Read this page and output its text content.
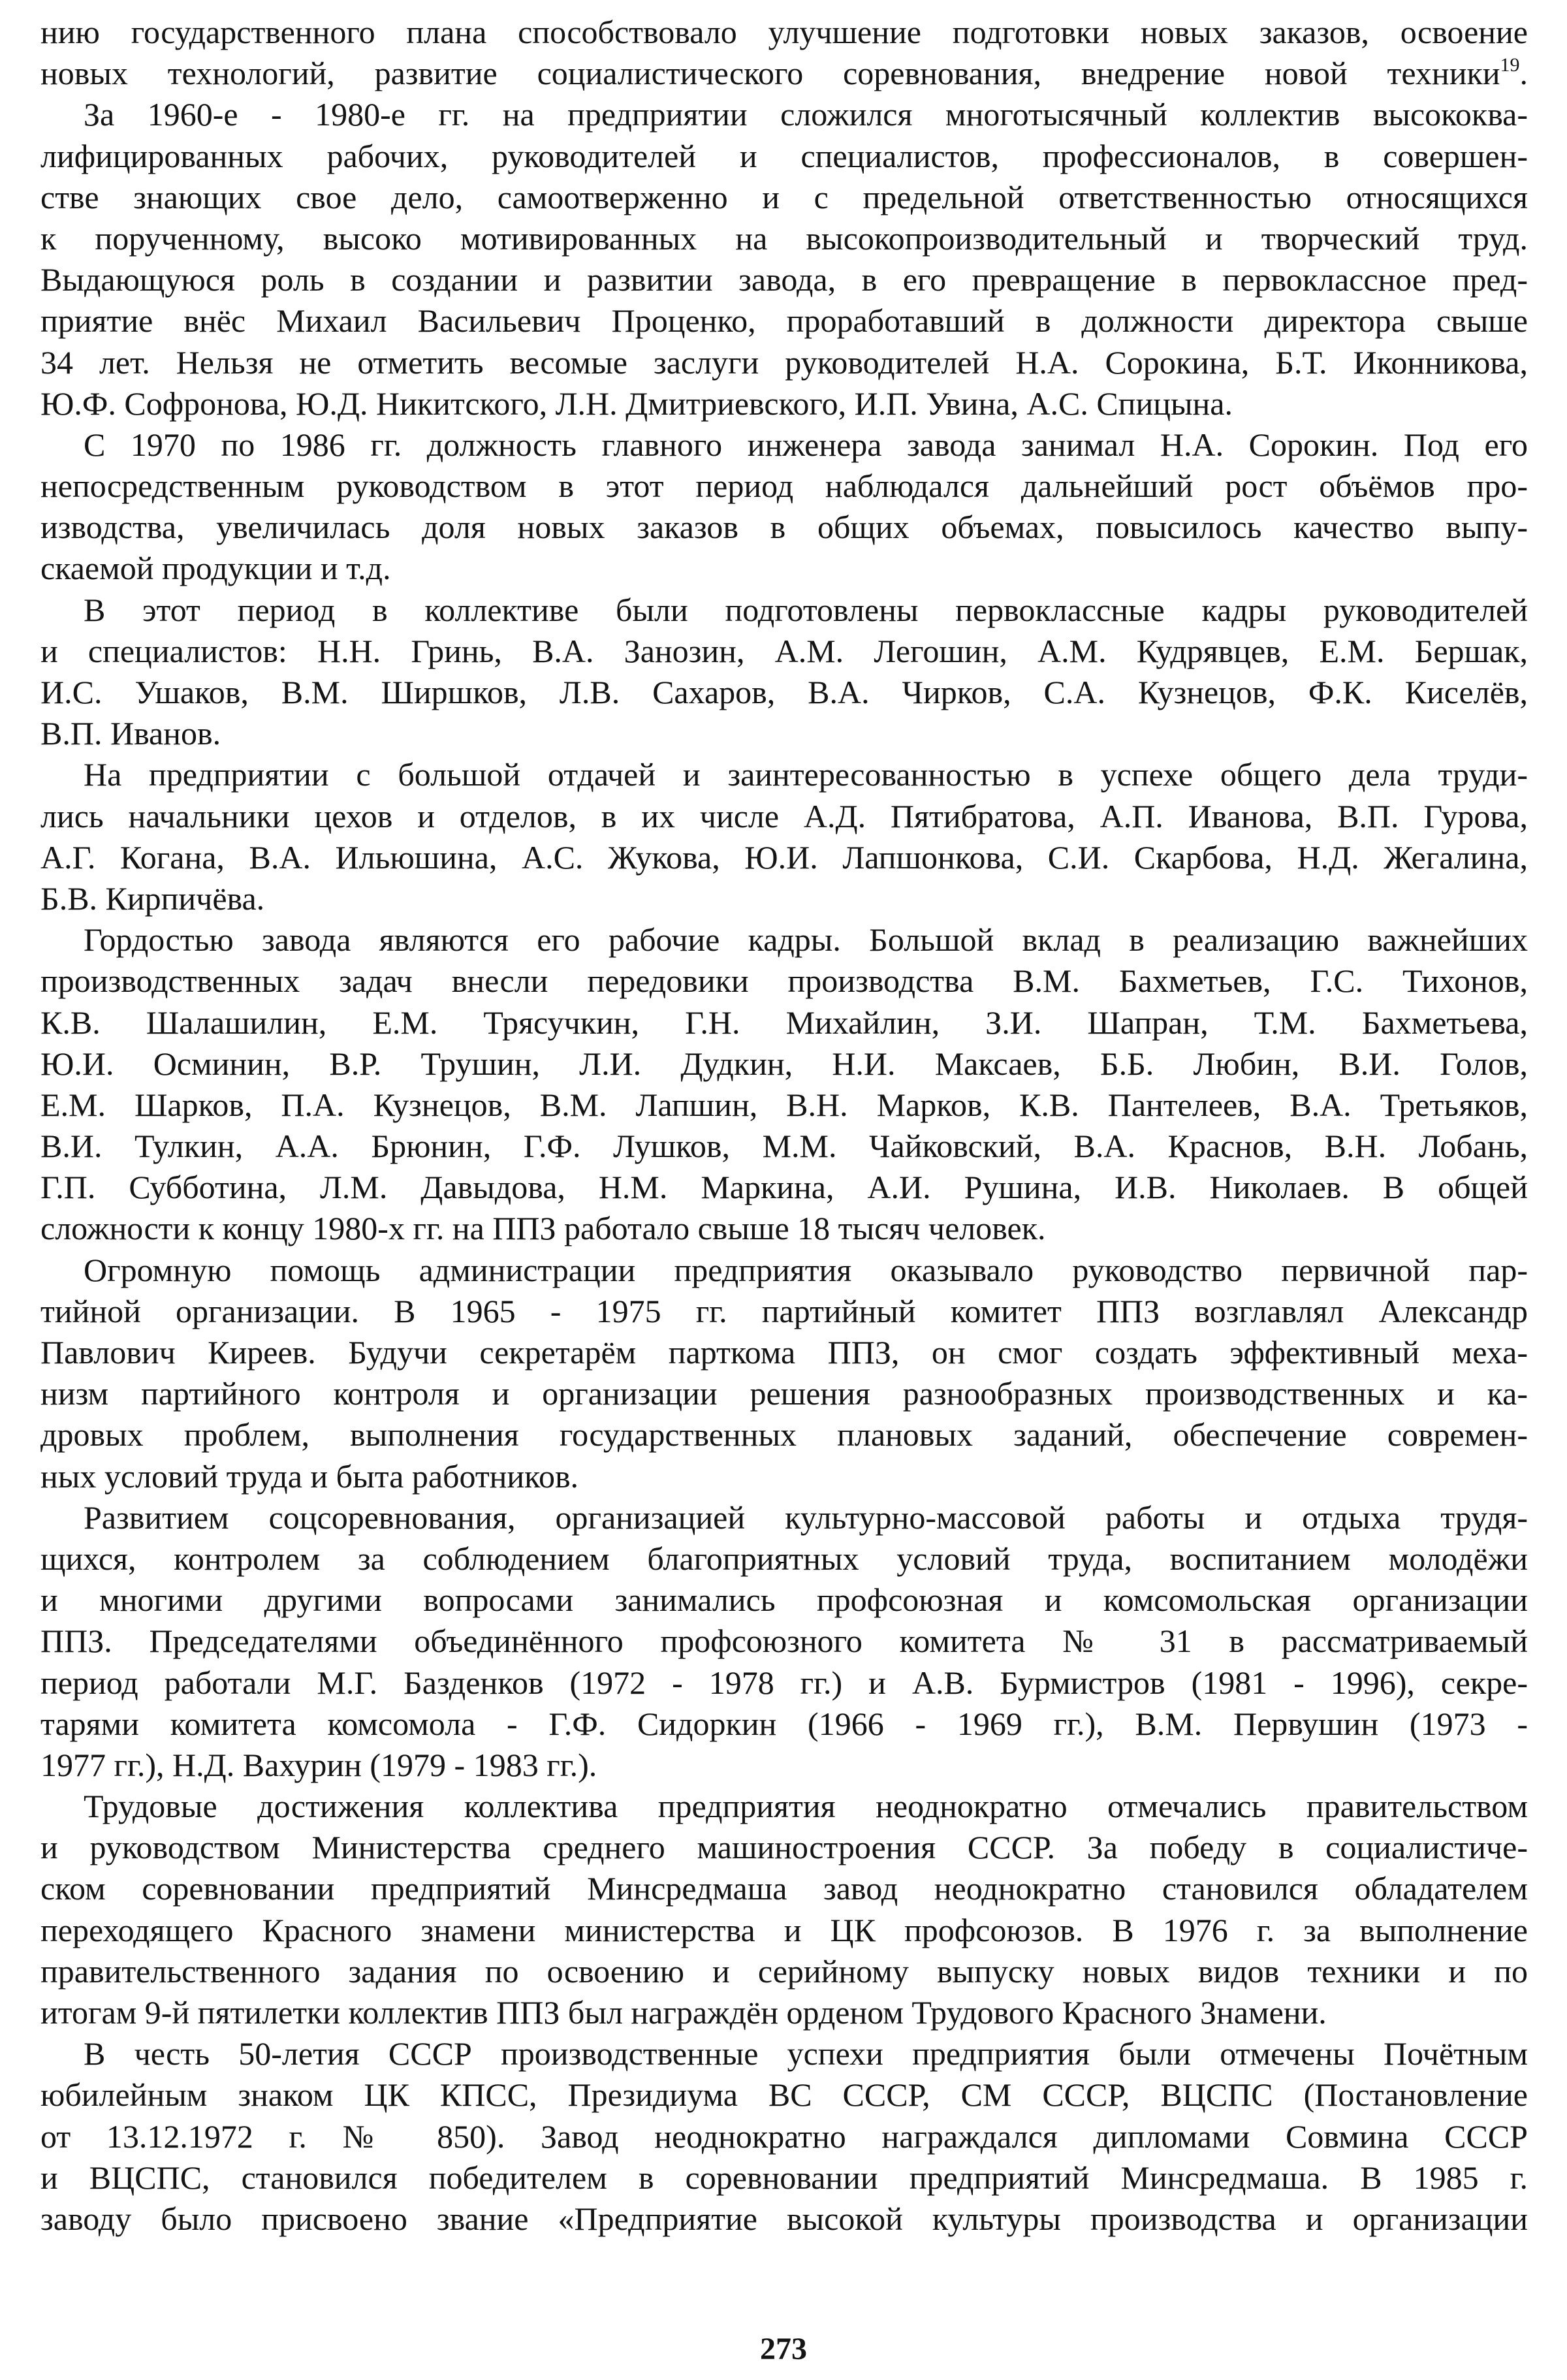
нию государственного плана способствовало улучшение подготовки новых заказов, освоение
новых технологий, развитие социалистического соревнования, внедрение новой техники$^{19}$.
За 1960-е - 1980-е гг. на предприятии сложился многотысячный коллектив высококва-
лифицированных рабочих, руководителей и специалистов, профессионалов, в совершен-
стве знающих свое дело, самоотверженно и с предельной ответственностью относящихся
к порученному, высоко мотивированных на высокопроизводительный и творческий труд.
Выдающуюся роль в создании и развитии завода, в его превращение в первоклассное пред-
приятие внёс Михаил Васильевич Проценко, проработавший в должности директора свыше
34 лет. Нельзя не отметить весомые заслуги руководителей Н.А. Сорокина, Б.Т. Иконникова,
Ю.Ф. Софронова, Ю.Д. Никитского, Л.Н. Дмитриевского, И.П. Увина, А.С. Спицына.
С 1970 по 1986 гг. должность главного инженера завода занимал Н.А. Сорокин. Под его
непосредственным руководством в этот период наблюдался дальнейший рост объёмов про-
изводства, увеличилась доля новых заказов в общих объемах, повысилось качество выпу-
скаемой продукции и т.д.
В этот период в коллективе были подготовлены первоклассные кадры руководителей
и специалистов: Н.Н. Гринь, В.А. Занозин, А.М. Легошин, А.М. Кудрявцев, Е.М. Бершак,
И.С. Ушаков, В.М. Ширшков, Л.В. Сахаров, В.А. Чирков, С.А. Кузнецов, Ф.К. Киселёв,
В.П. Иванов.
На предприятии с большой отдачей и заинтересованностью в успехе общего дела труди-
лись начальники цехов и отделов, в их числе А.Д. Пятибратова, А.П. Иванова, В.П. Гурова,
А.Г. Когана, В.А. Ильюшина, А.С. Жукова, Ю.И. Лапшонкова, С.И. Скарбова, Н.Д. Жегалина,
Б.В. Кирпичёва.
Гордостью завода являются его рабочие кадры. Большой вклад в реализацию важнейших
производственных задач внесли передовики производства В.М. Бахметьев, Г.С. Тихонов,
К.В. Шалашилин, Е.М. Трясучкин, Г.Н. Михайлин, З.И. Шапран, Т.М. Бахметьева,
Ю.И. Осминин, В.Р. Трушин, Л.И. Дудкин, Н.И. Максаев, Б.Б. Любин, В.И. Голов,
Е.М. Шарков, П.А. Кузнецов, В.М. Лапшин, В.Н. Марков, К.В. Пантелеев, В.А. Третьяков,
В.И. Тулкин, А.А. Брюнин, Г.Ф. Лушков, М.М. Чайковский, В.А. Краснов, В.Н. Лобань,
Г.П. Субботина, Л.М. Давыдова, Н.М. Маркина, А.И. Рушина, И.В. Николаев. В общей
сложности к концу 1980-х гг. на ППЗ работало свыше 18 тысяч человек.
Огромную помощь администрации предприятия оказывало руководство первичной пар-
тийной организации. В 1965 - 1975 гг. партийный комитет ППЗ возглавлял Александр
Павлович Киреев. Будучи секретарём парткома ППЗ, он смог создать эффективный меха-
низм партийного контроля и организации решения разнообразных производственных и ка-
дровых проблем, выполнения государственных плановых заданий, обеспечение современ-
ных условий труда и быта работников.
Развитием соцсоревнования, организацией культурно-массовой работы и отдыха трудя-
щихся, контролем за соблюдением благоприятных условий труда, воспитанием молодёжи
и многими другими вопросами занимались профсоюзная и комсомольская организации
ППЗ. Председателями объединённого профсоюзного комитета № 31 в рассматриваемый
период работали М.Г. Базденков (1972 - 1978 гг.) и А.В. Бурмистров (1981 - 1996), секре-
тарями комитета комсомола - Г.Ф. Сидоркин (1966 - 1969 гг.), В.М. Первушин (1973 -
1977 гг.), Н.Д. Вахурин (1979 - 1983 гг.).
Трудовые достижения коллектива предприятия неоднократно отмечались правительством
и руководством Министерства среднего машиностроения СССР. За победу в социалистиче-
ском соревновании предприятий Минсредмаша завод неоднократно становился обладателем
переходящего Красного знамени министерства и ЦК профсоюзов. В 1976 г. за выполнение
правительственного задания по освоению и серийному выпуску новых видов техники и по
итогам 9-й пятилетки коллектив ППЗ был награждён орденом Трудового Красного Знамени.
В честь 50-летия СССР производственные успехи предприятия были отмечены Почётным
юбилейным знаком ЦК КПСС, Президиума ВС СССР, СМ СССР, ВЦСПС (Постановление
от 13.12.1972 г. № 850). Завод неоднократно награждался дипломами Совмина СССР
и ВЦСПС, становился победителем в соревновании предприятий Минсредмаша. В 1985 г.
заводу было присвоено звание «Предприятие высокой культуры производства и организации
273
